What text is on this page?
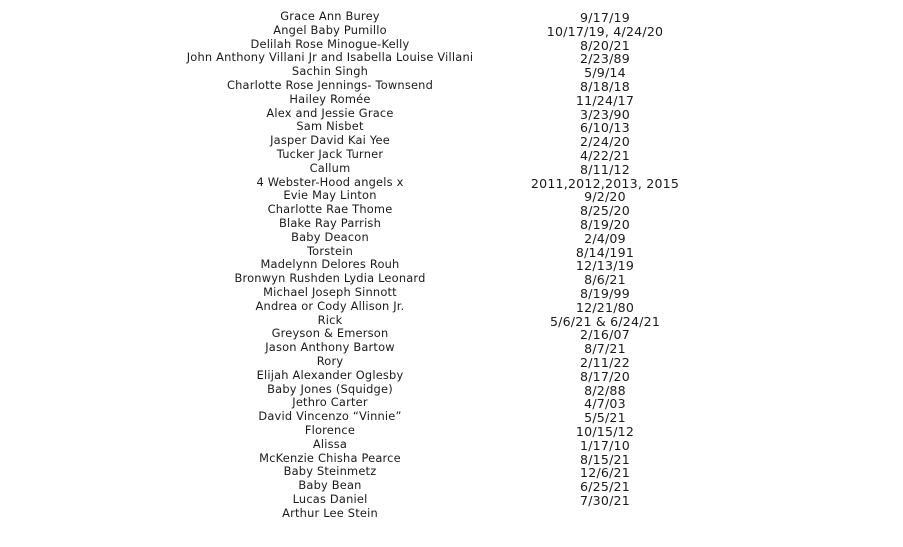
Grace Ann Burey
Angel Baby Pumillo
Delilah Rose Minogue-Kelly
John Anthony Villani Jr and Isabella Louise Villani
Sachin Singh
Charlotte Rose Jennings- Townsend
Hailey Romée
Alex and Jessie Grace
Sam Nisbet
Jasper David Kai Yee
Tucker Jack Turner
Callum
4 Webster-Hood angels x
Evie May Linton
Charlotte Rae Thome
Blake Ray Parrish
Baby Deacon
Torstein
Madelynn Delores Rouh
Bronwyn Rushden Lydia Leonard
Michael Joseph Sinnott
Andrea or Cody Allison Jr.
Rick
Greyson & Emerson
Jason Anthony Bartow
Rory
Elijah Alexander Oglesby
Baby Jones (Squidge)
Jethro Carter
David Vincenzo “Vinnie”
Florence
Alissa
McKenzie Chisha Pearce
Baby Steinmetz
Baby Bean
Lucas Daniel
Arthur Lee Stein
9/17/19
10/17/19, 4/24/20
8/20/21
2/23/89
5/9/14
8/18/18
11/24/17
3/23/90
6/10/13
2/24/20
4/22/21
8/11/12
2011,2012,2013, 2015
9/2/20
8/25/20
8/19/20
2/4/09
8/14/191
12/13/19
8/6/21
8/19/99
12/21/80
5/6/21 & 6/24/21
2/16/07
8/7/21
2/11/22
8/17/20
8/2/88
4/7/03
5/5/21
10/15/12
1/17/10
8/15/21
12/6/21
6/25/21
7/30/21
